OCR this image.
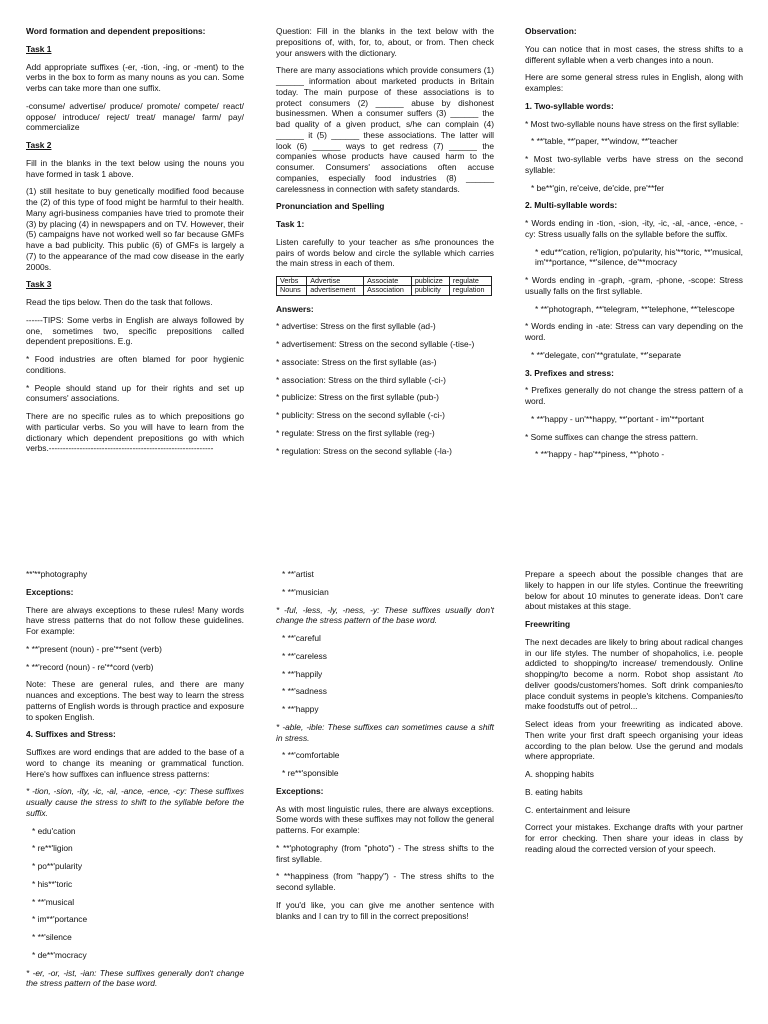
Word formation and dependent prepositions:

Task 1

Add appropriate suffixes (-er, -tion, -ing, or -ment) to the verbs in the box to form as many nouns as you can. Some verbs can take more than one suffix.

-consume/ advertise/ produce/ promote/ compete/ react/ oppose/ introduce/ reject/ treat/ manage/ farm/ pay/ commercialize

Task 2

Fill in the blanks in the text below using the nouns you have formed in task 1 above.

(1) still hesitate to buy genetically modified food because the (2) of this type of food might be harmful to their health. Many agri-business companies have tried to promote their (3) by placing (4) in newspapers and on TV. However, their (5) campaigns have not worked well so far because GMFs have a bad publicity. This public (6) of GMFs is largely a (7) to the appearance of the mad cow disease in the early 2000s.

Task 3

Read the tips below. Then do the task that follows.

------TIPS: Some verbs in English are always followed by one, sometimes two, specific prepositions called dependent prepositions. E.g.

* Food industries are often blamed for poor hygienic conditions.

* People should stand up for their rights and set up consumers' associations.

There are no specific rules as to which prepositions go with particular verbs. So you will have to learn from the dictionary which dependent prepositions go with which verbs.-----------------------------------------------------------

Question: Fill in the blanks in the text below with the prepositions of, with, for, to, about, or from. Then check your answers with the dictionary.

There are many associations which provide consumers (1) ______ information about marketed products in Britain today. The main purpose of these associations is to protect consumers (2) ______ abuse by dishonest businessmen. When a consumer suffers (3) ______ the bad quality of a given product, s/he can complain (4) ______ it (5) ______ these associations. The latter will look (6) ______ ways to get redress (7) ______ the companies whose products have caused harm to the consumer. Consumers' associations often accuse companies, especially food industries (8) ______ carelessness in connection with safety standards.

Pronunciation and Spelling

Task 1:

Listen carefully to your teacher as s/he pronounces the pairs of words below and circle the syllable which carries the main stress in each of them.

Verbs	Advertise	Associate	publicize	regulate
Nouns	advertisement	Association	publicity	regulation

Answers:

* advertise: Stress on the first syllable (ad-)

* advertisement: Stress on the second syllable (-tise-)

* associate: Stress on the first syllable (as-)

* association: Stress on the third syllable (-ci-)

* publicize: Stress on the first syllable (pub-)

* publicity: Stress on the second syllable (-ci-)

* regulate: Stress on the first syllable (reg-)

* regulation: Stress on the second syllable (-la-)

Observation:

You can notice that in most cases, the stress shifts to a different syllable when a verb changes into a noun.

Here are some general stress rules in English, along with examples:

1. Two-syllable words:

* Most two-syllable nouns have stress on the first syllable:

* **'table, **'paper, **'window, **'teacher

* Most two-syllable verbs have stress on the second syllable:

* be**'gin, re'ceive, de'cide, pre'**fer

2. Multi-syllable words:

* Words ending in -tion, -sion, -ity, -ic, -al, -ance, -ence, -cy: Stress usually falls on the syllable before the suffix.

* edu**'cation, re'ligion, po'pularity, his'**toric, **'musical, im'**portance, **'silence, de'**mocracy

* Words ending in -graph, -gram, -phone, -scope: Stress usually falls on the first syllable.

* **'photograph, **'telegram, **'telephone, **'telescope

* Words ending in -ate: Stress can vary depending on the word.

* **'delegate, con'**gratulate, **'separate

3. Prefixes and stress:

* Prefixes generally do not change the stress pattern of a word.

* **'happy - un'**happy, **'portant - im'**portant

* Some suffixes can change the stress pattern.

* **'happy - hap'**piness, **'photo -

**'**photography

Exceptions:

There are always exceptions to these rules! Many words have stress patterns that do not follow these guidelines. For example:

* **'present (noun) - pre'**sent (verb)

* **'record (noun) - re'**cord (verb)

Note: These are general rules, and there are many nuances and exceptions. The best way to learn the stress patterns of English words is through practice and exposure to spoken English.

4. Suffixes and Stress:

Suffixes are word endings that are added to the base of a word to change its meaning or grammatical function. Here's how suffixes can influence stress patterns:

* -tion, -sion, -ity, -ic, -al, -ance, -ence, -cy: These suffixes usually cause the stress to shift to the syllable before the suffix.

* edu'cation

* re**'ligion

* po**'pularity

* his**'toric

* **'musical

* im**'portance

* **'silence

* de**'mocracy

* -er, -or, -ist, -ian: These suffixes generally don't change the stress pattern of the base word.

* **'artist

* **'musician

* -ful, -less, -ly, -ness, -y: These suffixes usually don't change the stress pattern of the base word.

* **'careful

* **'careless

* **'happily

* **'sadness

* **'happy

* -able, -ible: These suffixes can sometimes cause a shift in stress.

* **'comfortable

* re**'sponsible

Exceptions:

As with most linguistic rules, there are always exceptions. Some words with these suffixes may not follow the general patterns. For example:

* **'photography (from "photo") - The stress shifts to the first syllable.

* **happiness (from "happy") - The stress shifts to the second syllable.

If you'd like, you can give me another sentence with blanks and I can try to fill in the correct prepositions!

Prepare a speech about the possible changes that are likely to happen in our life styles. Continue the freewriting below for about 10 minutes to generate ideas. Don't care about mistakes at this stage.

Freewriting

The next decades are likely to bring about radical changes in our life styles. The number of shopaholics, i.e. people addicted to shopping/to increase/ tremendously. Online shopping/to become a norm. Robot shop assistant /to deliver goods/customers'homes. Soft drink companies/to place conduit systems in people's kitchens. Companies/to make foodstuffs out of petrol...

Select ideas from your freewriting as indicated above. Then write your first draft speech organising your ideas according to the plan below. Use the gerund and modals where appropriate.

A. shopping habits

B. eating habits

C. entertainment and leisure

Correct your mistakes. Exchange drafts with your partner for error checking. Then share your ideas in class by reading aloud the corrected version of your speech.
